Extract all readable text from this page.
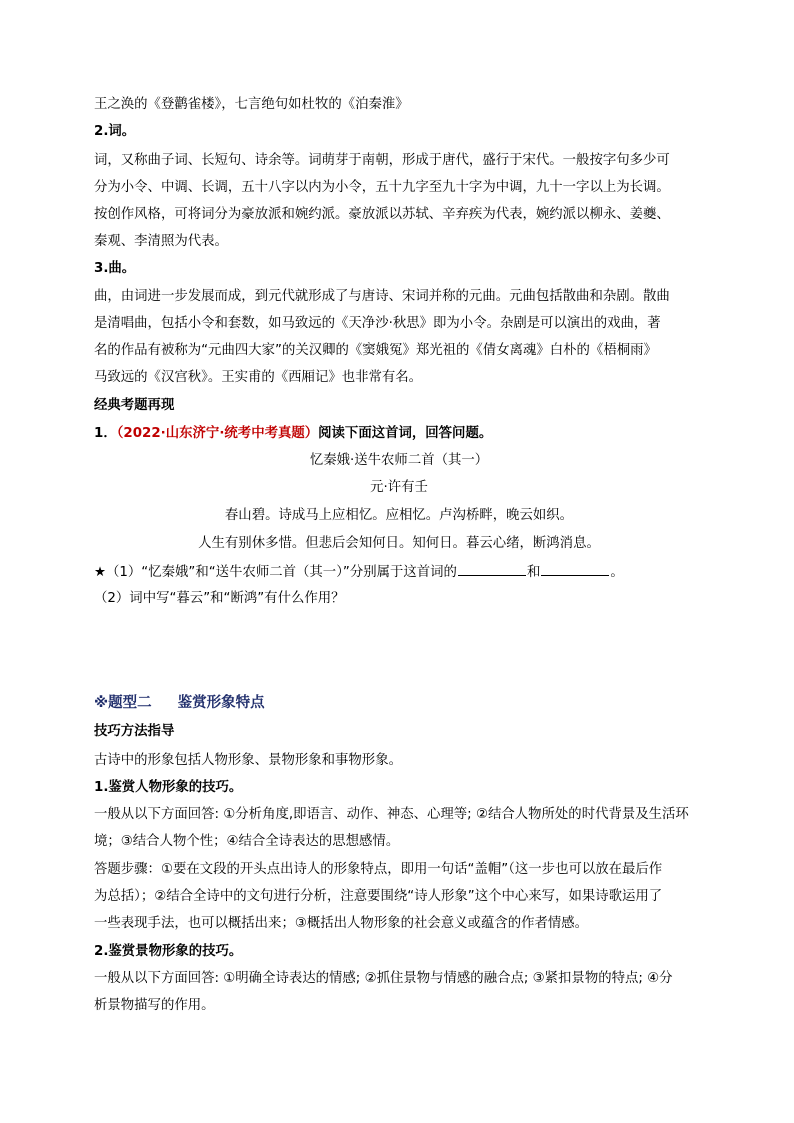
王之涣的《登鹳雀楼》，七言绝句如杜牧的《泊秦淮》
2.词。
词，又称曲子词、长短句、诗余等。词萌芽于南朝，形成于唐代，盛行于宋代。一般按字句多少可
分为小令、中调、长调，五十八字以内为小令，五十九字至九十字为中调，九十一字以上为长调。
按创作风格，可将词分为豪放派和婉约派。豪放派以苏轼、辛弃疾为代表，婉约派以柳永、姜夔、
秦观、李清照为代表。
3.曲。
曲，由词进一步发展而成，到元代就形成了与唐诗、宋词并称的元曲。元曲包括散曲和杂剧。散曲
是清唱曲，包括小令和套数，如马致远的《天净沙·秋思》即为小令。杂剧是可以演出的戏曲，著
名的作品有被称为“元曲四大家”的关汉卿的《窦娥冤》郑光祖的《倩女离魂》白朴的《梧桐雨》
马致远的《汉宫秋》。王实甫的《西厢记》也非常有名。
经典考题再现
1．（2022·山东济宁·统考中考真题）阅读下面这首词，回答问题。
忆秦娥·送牛农师二首（其一）
元·许有壬
春山碧。诗成马上应相忆。应相忆。卢沟桥畔，晚云如织。
人生有别休多惜。但悲后会知何日。知何日。暮云心绪，断鸿消息。
★（1）“忆秦娥”和“送牛农师二首（其一）”分别属于这首词的	和	。
（2）词中写“暮云”和“断鸿”有什么作用？
※题型二 鉴赏形象特点
技巧方法指导
古诗中的形象包括人物形象、景物形象和事物形象。
1.鉴赏人物形象的技巧。
一般从以下方面回答: ①分析角度,即语言、动作、神态、心理等; ②结合人物所处的时代背景及生活环
境；③结合人物个性；④结合全诗表达的思想感情。
答题步骤：①要在文段的开头点出诗人的形象特点，即用一句话“盖帽”（这一步也可以放在最后作
为总括）；②结合全诗中的文句进行分析，注意要围绕“诗人形象”这个中心来写，如果诗歌运用了
一些表现手法，也可以概括出来；③概括出人物形象的社会意义或蕴含的作者情感。
2.鉴赏景物形象的技巧。
一般从以下方面回答: ①明确全诗表达的情感; ②抓住景物与情感的融合点; ③紧扣景物的特点; ④分
析景物描写的作用。
